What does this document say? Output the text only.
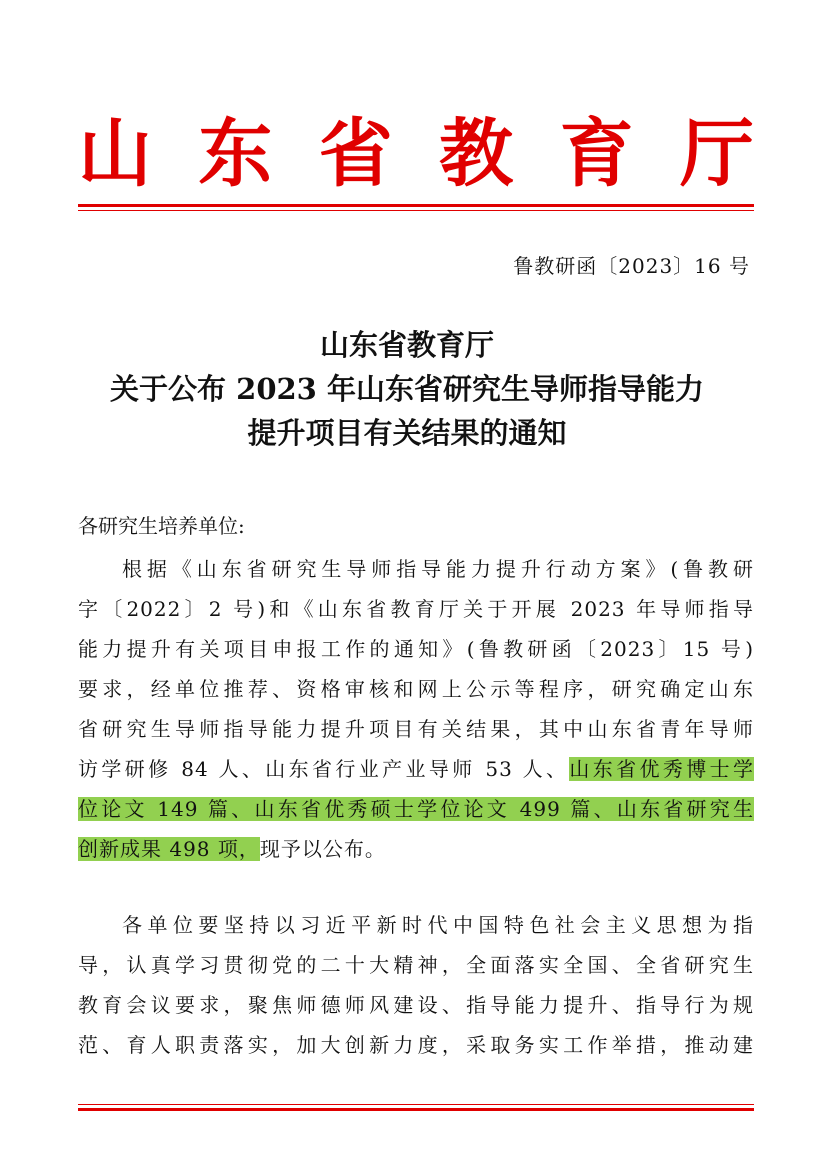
山 东 省 教 育 厅
鲁教研函〔2023〕16 号
山东省教育厅
关于公布 2023 年山东省研究生导师指导能力
提升项目有关结果的通知
各研究生培养单位:
根据《山东省研究生导师指导能力提升行动方案》(鲁教研
字〔2022〕2 号)和《山东省教育厅关于开展 2023 年导师指导
能力提升有关项目申报工作的通知》(鲁教研函〔2023〕15 号)
要求，经单位推荐、资格审核和网上公示等程序，研究确定山东
省研究生导师指导能力提升项目有关结果，其中山东省青年导师
访学研修 84 人、山东省行业产业导师 53 人、山东省优秀博士学
位论文 149 篇、山东省优秀硕士学位论文 499 篇、山东省研究生
创新成果 498 项，现予以公布。
各单位要坚持以习近平新时代中国特色社会主义思想为指
导，认真学习贯彻党的二十大精神，全面落实全国、全省研究生
教育会议要求，聚焦师德师风建设、指导能力提升、指导行为规
范、育人职责落实，加大创新力度，采取务实工作举措，推动建
